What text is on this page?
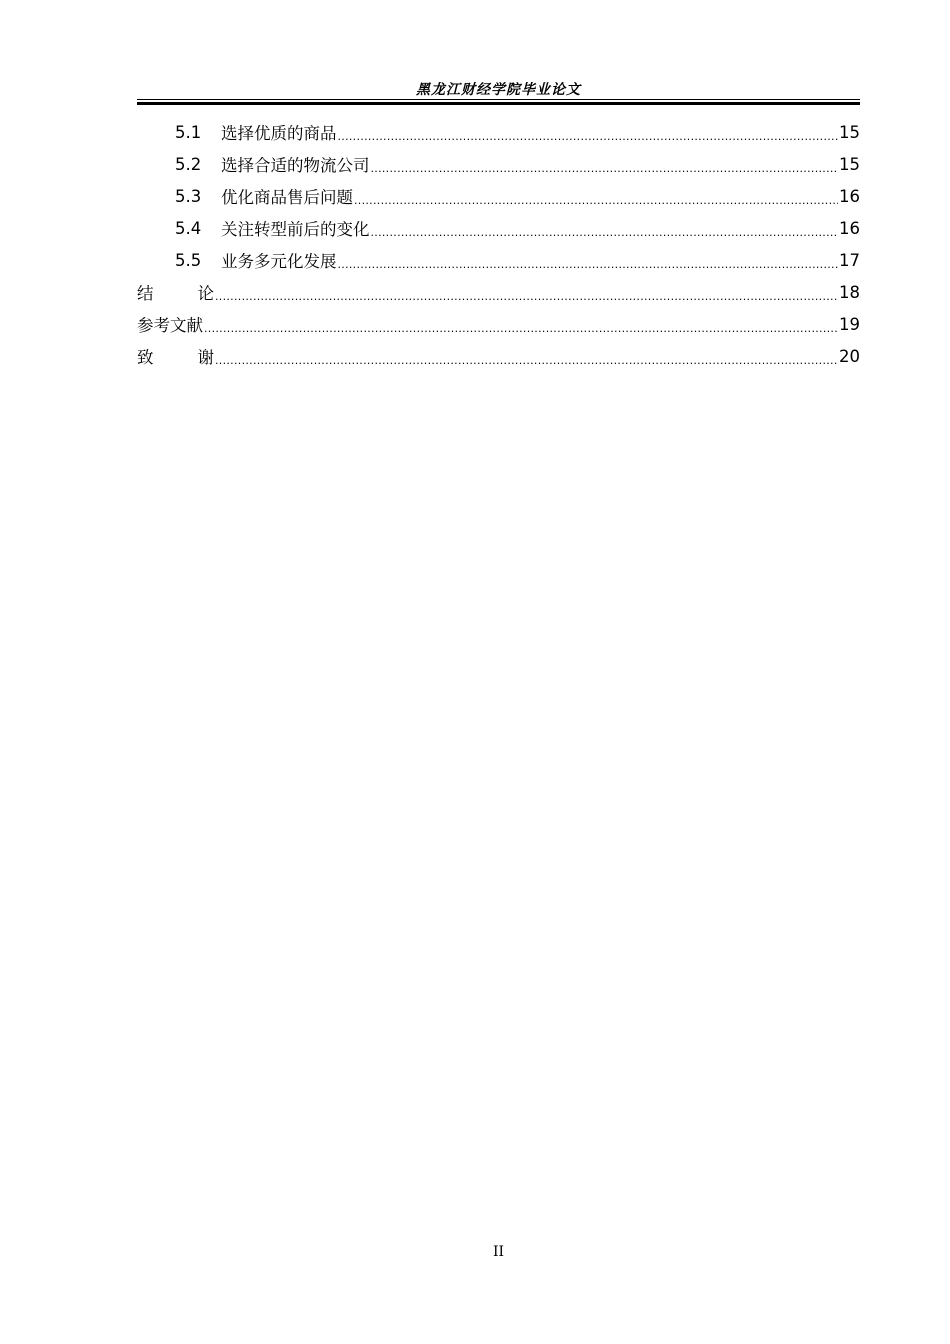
黑龙江财经学院毕业论文
5.1	选择优质的商品 .....	15
5.2	选择合适的物流公司 .....	15
5.3	优化商品售后问题 .....	16
5.4	关注转型前后的变化 .....	16
5.5	业务多元化发展 .....	17
结	论 .....	18
参考文献 .....	19
致	谢 .....	20
II
